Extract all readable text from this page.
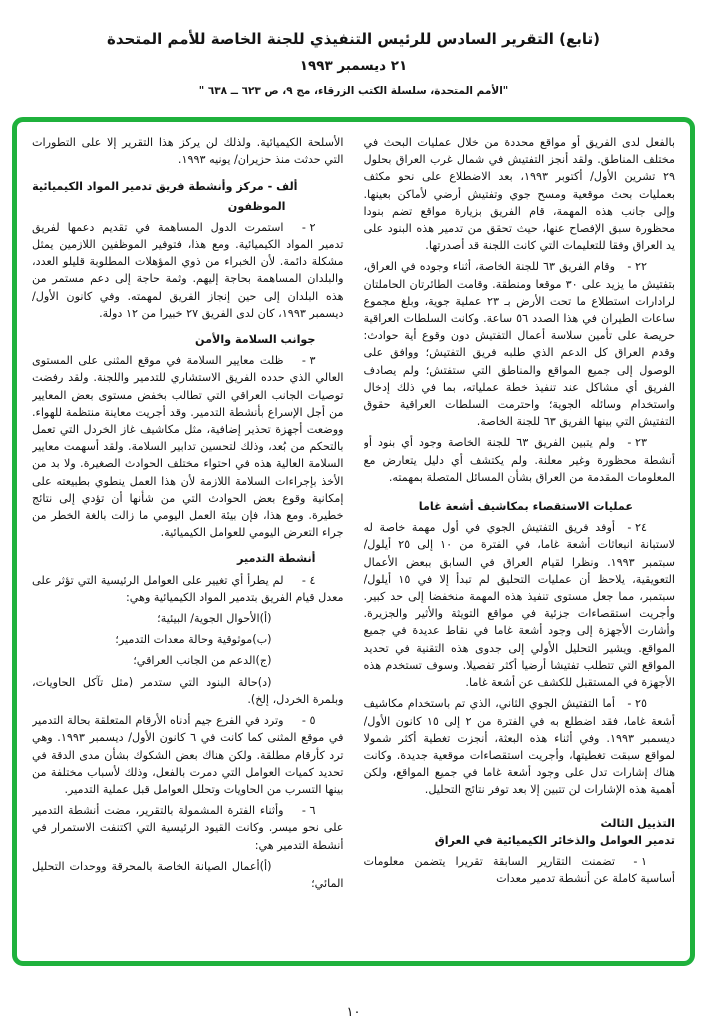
(تابع) التقرير السادس للرئيس التنفيذي للجنة الخاصة للأمم المتحدة
٢١ ديسمبر ١٩٩٣
"الأمم المتحدة، سلسلة الكتب الزرقاء، مج ٩، ص ٦٢٣ ــ ٦٣٨ "
بالفعل لدى الفريق أو مواقع محددة من خلال عمليات البحث في مختلف المناطق. ولقد أنجز التفتيش في شمال غرب العراق بحلول ٢٩ تشرين الأول/ أكتوبر ١٩٩٣، بعد الاضطلاع على نحو مكثف بعمليات بحث موقعية ومسح جوي وتفتيش أرضي لأماكن بعينها. وإلى جانب هذه المهمة، قام الفريق بزيارة مواقع تضم بنودا محظورة سبق الإفصاح عنها، حيث تحقق من تدمير هذه البنود على يد العراق وفقا للتعليمات التي كانت اللجنة قد أصدرتها.
٢٢ -وقام الفريق ٦٣ للجنة الخاصة، أثناء وجوده في العراق، بتفتيش ما يزيد على ٣٠ موقعا ومنطقة. وقامت الطائرتان الحاملتان لرادارات استطلاع ما تحت الأرض بـ ٢٣ عملية جوية، وبلغ مجموع ساعات الطيران في هذا الصدد ٥٦ ساعة. وكانت السلطات العراقية حريصة على تأمين سلاسة أعمال التفتيش دون وقوع أية حوادث: وقدم العراق كل الدعم الذي طلبه فريق التفتيش؛ ووافق على الوصول إلى جميع المواقع والمناطق التي ستفتش؛ ولم يصادف الفريق أي مشاكل عند تنفيذ خطة عملياته، بما في ذلك إدخال واستخدام وسائله الجوية؛ واحترمت السلطات العراقية حقوق التفتيش التي بينها الفريق ٦٣ للجنة الخاصة.
٢٣ -ولم يتبين الفريق ٦٣ للجنة الخاصة وجود أي بنود أو أنشطة محظورة وغير معلنة. ولم يكتشف أي دليل يتعارض مع المعلومات المقدمة من العراق بشأن المسائل المتصلة بمهمته.
عمليات الاستقصاء بمكاشيف أشعة غاما
٢٤ -أوفد فريق التفتيش الجوي في أول مهمة خاصة له لاستبانة انبعاثات أشعة غاما، في الفترة من ١٠ إلى ٢٥ أيلول/ سبتمبر ١٩٩٣. ونظرا لقيام العراق في السابق ببعض الأعمال التعويقية، يلاحظ أن عمليات التحليق لم تبدأ إلا في ١٥ أيلول/ سبتمبر، مما جعل مستوى تنفيذ هذه المهمة منخفضا إلى حد كبير. وأجريت استقصاءات جزئية في مواقع التويثة والأثير والجزيرة. وأشارت الأجهزة إلى وجود أشعة غاما في نقاط عديدة في جميع المواقع. ويشير التحليل الأولي إلى جدوى هذه التقنية في تحديد المواقع التي تتطلب تفتيشا أرضيا أكثر تفصيلا. وسوف تستخدم هذه الأجهزة في المستقبل للكشف عن أشعة غاما.
٢٥ -أما التفتيش الجوي الثاني، الذي تم باستخدام مكاشيف أشعة غاما، فقد اضطلع به في الفترة من ٢ إلى ١٥ كانون الأول/ ديسمبر ١٩٩٣. وفي أثناء هذه البعثة، أنجزت تغطية أكثر شمولا لمواقع سبقت تغطيتها، وأجريت استقصاءات موقعية جديدة. وكانت هناك إشارات تدل على وجود أشعة غاما في جميع المواقع، ولكن أهمية هذه الإشارات لن تتبين إلا بعد توفر نتائج التحليل.
التذييل الثالث
تدمير العوامل والذخائر الكيميائية في العراق
١ -تضمنت التقارير السابقة تقريرا يتضمن معلومات أساسية كاملة عن أنشطة تدمير معدات
الأسلحة الكيميائية. ولذلك لن يركز هذا التقرير إلا على التطورات التي حدثت منذ حزيران/ يونيه ١٩٩٣.
ألف - مركز وأنشطة فريق تدمير المواد الكيميائية
الموظفون
٢ -استمرت الدول المساهمة في تقديم دعمها لفريق تدمير المواد الكيميائية. ومع هذا، فتوفير الموظفين اللازمين يمثل مشكلة دائمة. لأن الخبراء من ذوي المؤهلات المطلوبة قليلو العدد، والبلدان المساهمة بحاجة إليهم. وثمة حاجة إلى دعم مستمر من هذه البلدان إلى حين إنجاز الفريق لمهمته. وفي كانون الأول/ ديسمبر ١٩٩٣، كان لدى الفريق ٢٧ خبيرا من ١٢ دولة.
جوانب السلامة والأمن
٣ -ظلت معايير السلامة في موقع المثنى على المستوى العالي الذي حدده الفريق الاستشاري للتدمير واللجنة. ولقد رفضت توصيات الجانب العراقي التي تطالب بخفض مستوى بعض المعايير من أجل الإسراع بأنشطة التدمير. وقد أجريت معاينة منتظمة للهواء. ووضعت أجهزة تحذير إضافية، مثل مكاشيف غاز الخردل التي تعمل بالتحكم من بُعد، وذلك لتحسين تدابير السلامة. ولقد أسهمت معايير السلامة العالية هذه في احتواء مختلف الحوادث الصغيرة. ولا بد من الأخذ بإجراءات السلامة اللازمة لأن هذا العمل ينطوي بطبيعته على إمكانية وقوع بعض الحوادث التي من شأنها أن تؤدي إلى نتائج خطيرة. ومع هذا، فإن بيئة العمل اليومي ما زالت بالغة الخطر من جراء التعرض اليومي للعوامل الكيميائية.
أنشطة التدمير
٤ -لم يطرأ أي تغيير على العوامل الرئيسية التي تؤثر على معدل قيام الفريق بتدمير المواد الكيميائية وهي:
(أ)الأحوال الجوية/ البيئية؛
(ب)موثوقية وحالة معدات التدمير؛
(ج)الدعم من الجانب العراقي؛
(د)حالة البنود التي ستدمر (مثل تآكل الحاويات، وبلمرة الخردل، إلخ).
٥ -وترد في الفرع جيم أدناه الأرقام المتعلقة بحالة التدمير في موقع المثنى كما كانت في ٦ كانون الأول/ ديسمبر ١٩٩٣. وهي ترد كأرقام مطلقة. ولكن هناك بعض الشكوك بشأن مدى الدقة في تحديد كميات العوامل التي دمرت بالفعل، وذلك لأسباب مختلفة من بينها التسرب من الحاويات وتحلل العوامل قبل عملية التدمير.
٦ -وأثناء الفترة المشمولة بالتقرير، مضت أنشطة التدمير على نحو ميسر. وكانت القيود الرئيسية التي اكتنفت الاستمرار في أنشطة التدمير هي:
(أ)أعمال الصيانة الخاصة بالمحرقة ووحدات التحليل المائي؛
١٠
